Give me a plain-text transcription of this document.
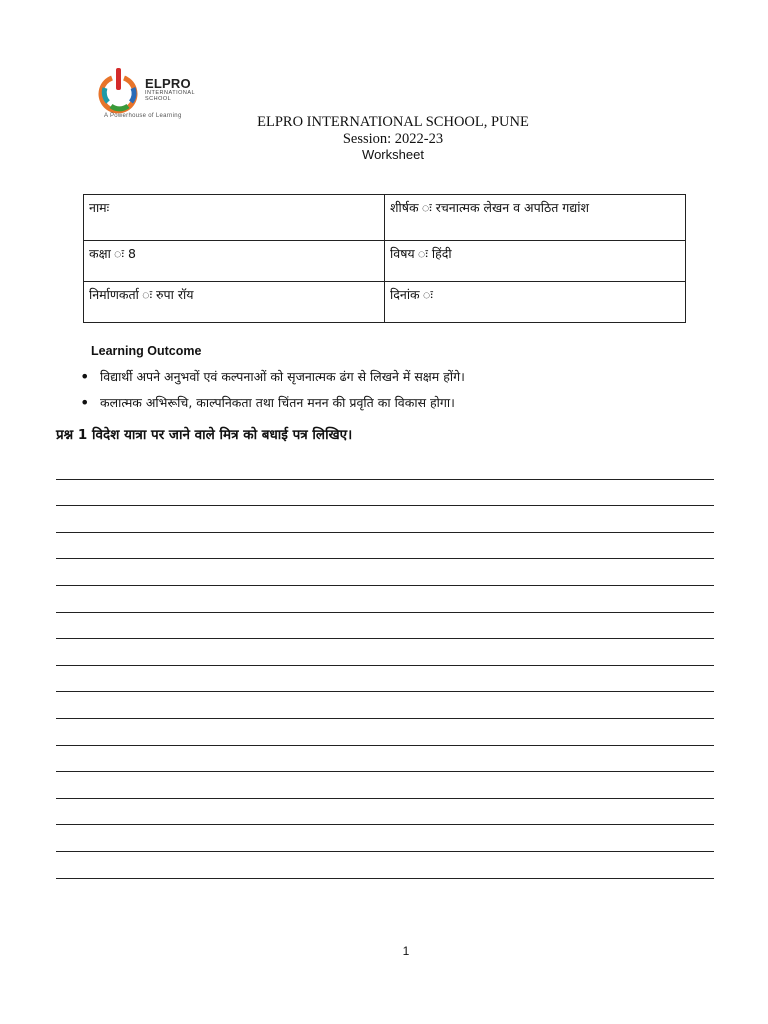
ELPRO
INTERNATIONAL SCHOOL
A Powerhouse of Learning	ELPRO INTERNATIONAL SCHOOL, PUNE
Session: 2022-23
Worksheet
नामः	शीर्षक ः रचनात्मक लेखन व अपठित गद्यांश
कक्षा ः 8	विषय ः हिंदी
निर्माणकर्ता ः रुपा रॉय	दिनांक ः
Learning Outcome
• विद्यार्थी अपने अनुभवों एवं कल्पनाओं को सृजनात्मक ढंग से लिखने में सक्षम होंगे।
• कलात्मक अभिरूचि, काल्पनिकता तथा चिंतन मनन की प्रवृति का विकास होगा।
प्रश्न 1 विदेश यात्रा पर जाने वाले मित्र को बधाई पत्र लिखिए।
1
